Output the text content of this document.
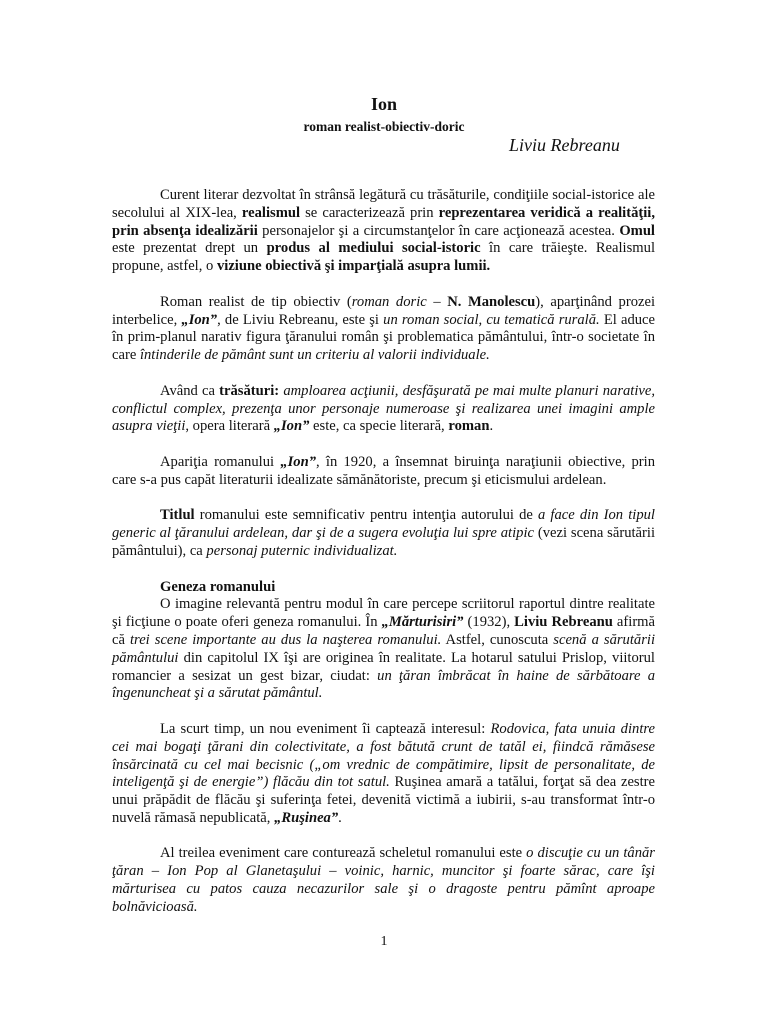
Ion
roman realist-obiectiv-doric
Liviu Rebreanu

Curent literar dezvoltat în strânsă legătură cu trăsăturile, condiţiile social-istorice ale secolului al XIX-lea, realismul se caracterizează prin reprezentarea veridică a realităţii, prin absenţa idealizării personajelor şi a circumstanţelor în care acţionează acestea. Omul este prezentat drept un produs al mediului social-istoric în care trăieşte. Realismul propune, astfel, o viziune obiectivă şi imparţială asupra lumii.

Roman realist de tip obiectiv (roman doric – N. Manolescu), aparţinând prozei interbelice, „Ion”, de Liviu Rebreanu, este şi un roman social, cu tematică rurală. El aduce în prim-planul narativ figura ţăranului român şi problematica pământului, într-o societate în care întinderile de pământ sunt un criteriu al valorii individuale.

Având ca trăsături: amploarea acţiunii, desfăşurată pe mai multe planuri narative, conflictul complex, prezenţa unor personaje numeroase şi realizarea unei imagini ample asupra vieţii, opera literară „Ion” este, ca specie literară, roman.

Apariţia romanului „Ion”, în 1920, a însemnat biruinţa naraţiunii obiective, prin care s-a pus capăt literaturii idealizate sămănătoriste, precum şi eticismului ardelean.

Titlul romanului este semnificativ pentru intenţia autorului de a face din Ion tipul generic al ţăranului ardelean, dar şi de a sugera evoluţia lui spre atipic (vezi scena sărutării pământului), ca personaj puternic individualizat.

Geneza romanului

O imagine relevantă pentru modul în care percepe scriitorul raportul dintre realitate şi ficţiune o poate oferi geneza romanului. În „Mărturisiri” (1932), Liviu Rebreanu afirmă că trei scene importante au dus la naşterea romanului. Astfel, cunoscuta scenă a sărutării pământului din capitolul IX îşi are originea în realitate. La hotarul satului Prislop, viitorul romancier a sesizat un gest bizar, ciudat: un ţăran îmbrăcat în haine de sărbătoare a îngenuncheat şi a sărutat pământul.

La scurt timp, un nou eveniment îi captează interesul: Rodovica, fata unuia dintre cei mai bogaţi ţărani din colectivitate, a fost bătută crunt de tatăl ei, fiindcă rămăsese însărcinată cu cel mai becisnic („om vrednic de compătimire, lipsit de personalitate, de inteligenţă şi de energie”) flăcău din tot satul. Ruşinea amară a tatălui, forţat să dea zestre unui prăpădit de flăcău şi suferinţa fetei, devenită victimă a iubirii, s-au transformat într-o nuvelă rămasă nepublicată, „Ruşinea”.

Al treilea eveniment care conturează scheletul romanului este o discuţie cu un tânăr ţăran – Ion Pop al Glanetaşului – voinic, harnic, muncitor şi foarte sărac, care îşi mărturisea cu patos cauza necazurilor sale şi o dragoste pentru pămînt aproape bolnăvicioasă.

1
